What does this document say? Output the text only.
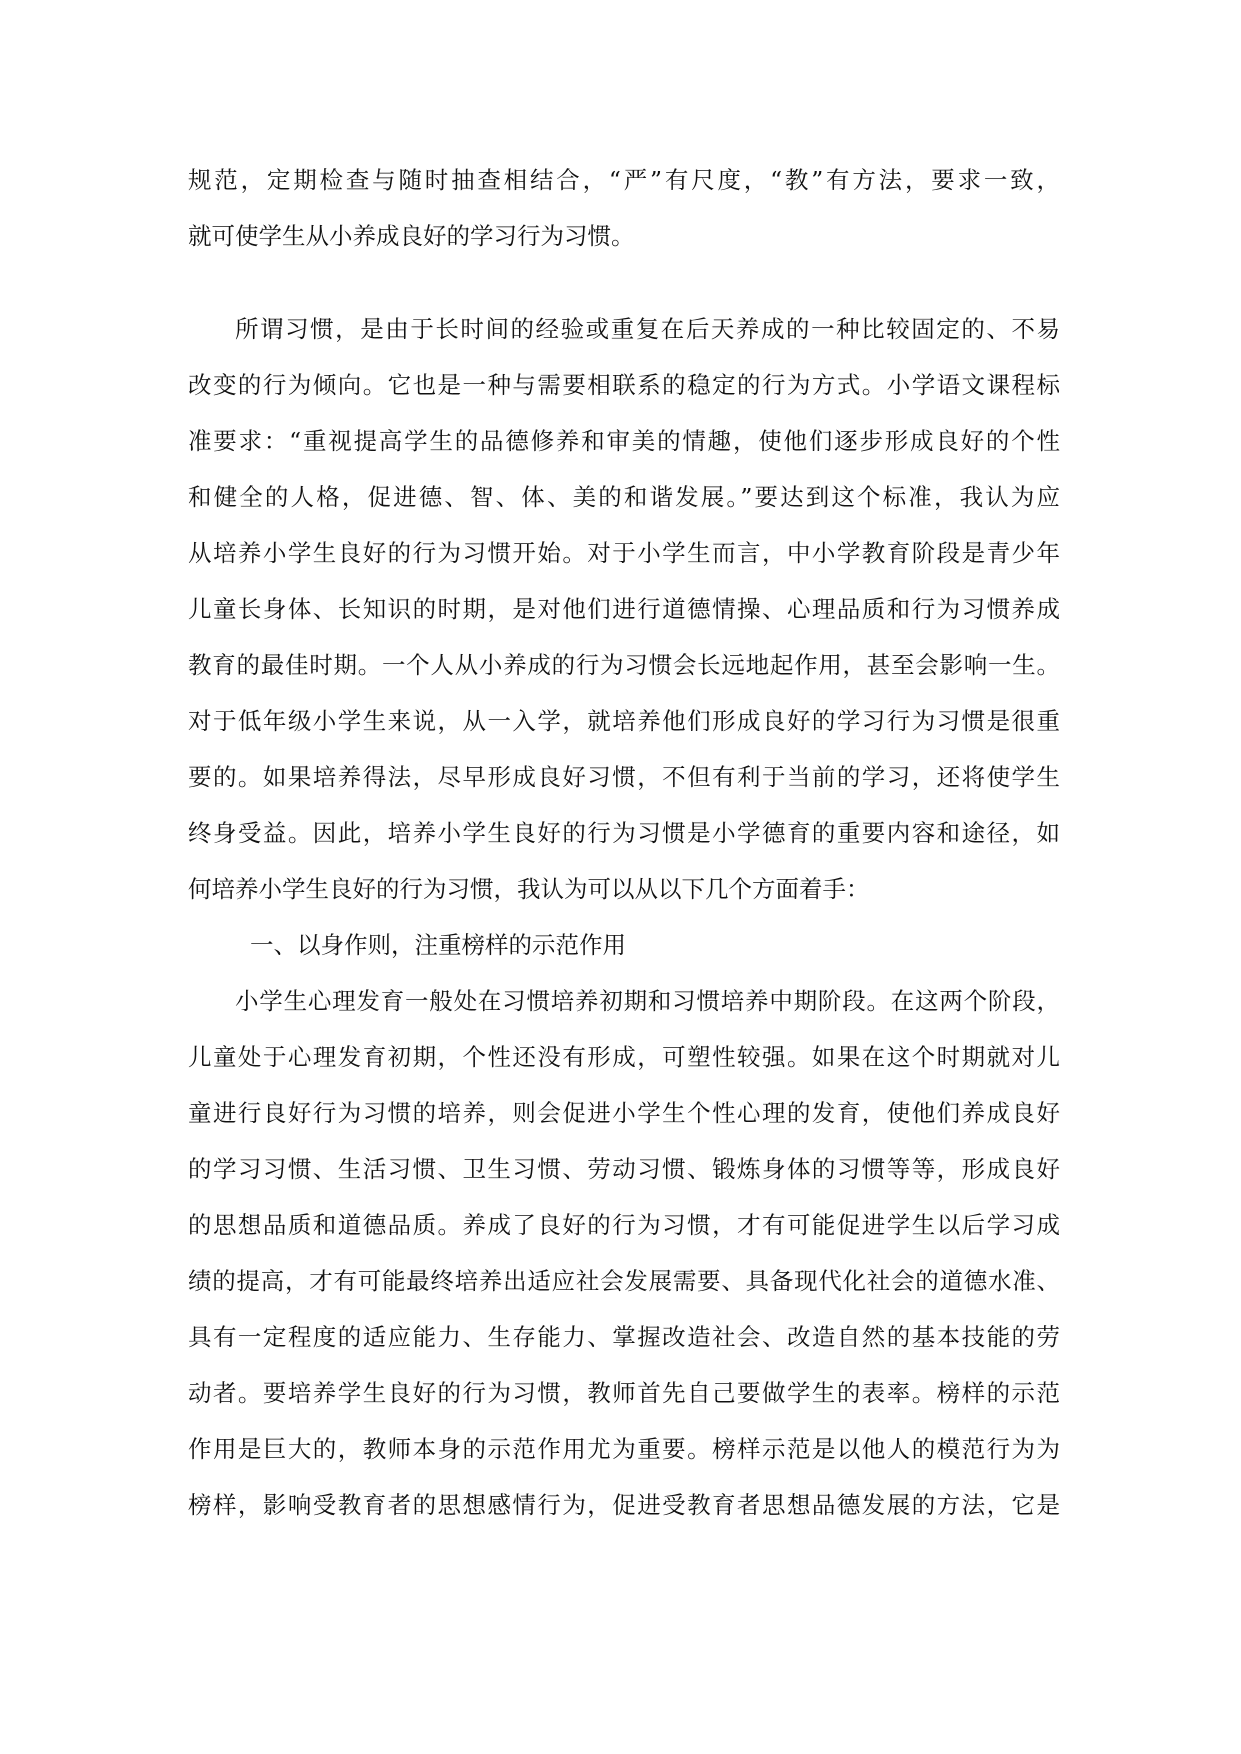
规范，定期检查与随时抽查相结合，“严”有尺度，“教”有方法，要求一致，
就可使学生从小养成良好的学习行为习惯。
所谓习惯，是由于长时间的经验或重复在后天养成的一种比较固定的、不易
改变的行为倾向。它也是一种与需要相联系的稳定的行为方式。小学语文课程标
准要求：“重视提高学生的品德修养和审美的情趣，使他们逐步形成良好的个性
和健全的人格，促进德、智、体、美的和谐发展。”要达到这个标准，我认为应
从培养小学生良好的行为习惯开始。对于小学生而言，中小学教育阶段是青少年
儿童长身体、长知识的时期，是对他们进行道德情操、心理品质和行为习惯养成
教育的最佳时期。一个人从小养成的行为习惯会长远地起作用，甚至会影响一生。
对于低年级小学生来说，从一入学，就培养他们形成良好的学习行为习惯是很重
要的。如果培养得法，尽早形成良好习惯，不但有利于当前的学习，还将使学生
终身受益。因此，培养小学生良好的行为习惯是小学德育的重要内容和途径，如
何培养小学生良好的行为习惯，我认为可以从以下几个方面着手：
一、以身作则，注重榜样的示范作用
小学生心理发育一般处在习惯培养初期和习惯培养中期阶段。在这两个阶段，
儿童处于心理发育初期，个性还没有形成，可塑性较强。如果在这个时期就对儿
童进行良好行为习惯的培养，则会促进小学生个性心理的发育，使他们养成良好
的学习习惯、生活习惯、卫生习惯、劳动习惯、锻炼身体的习惯等等，形成良好
的思想品质和道德品质。养成了良好的行为习惯，才有可能促进学生以后学习成
绩的提高，才有可能最终培养出适应社会发展需要、具备现代化社会的道德水准、
具有一定程度的适应能力、生存能力、掌握改造社会、改造自然的基本技能的劳
动者。要培养学生良好的行为习惯，教师首先自己要做学生的表率。榜样的示范
作用是巨大的，教师本身的示范作用尤为重要。榜样示范是以他人的模范行为为
榜样，影响受教育者的思想感情行为，促进受教育者思想品德发展的方法，它是
